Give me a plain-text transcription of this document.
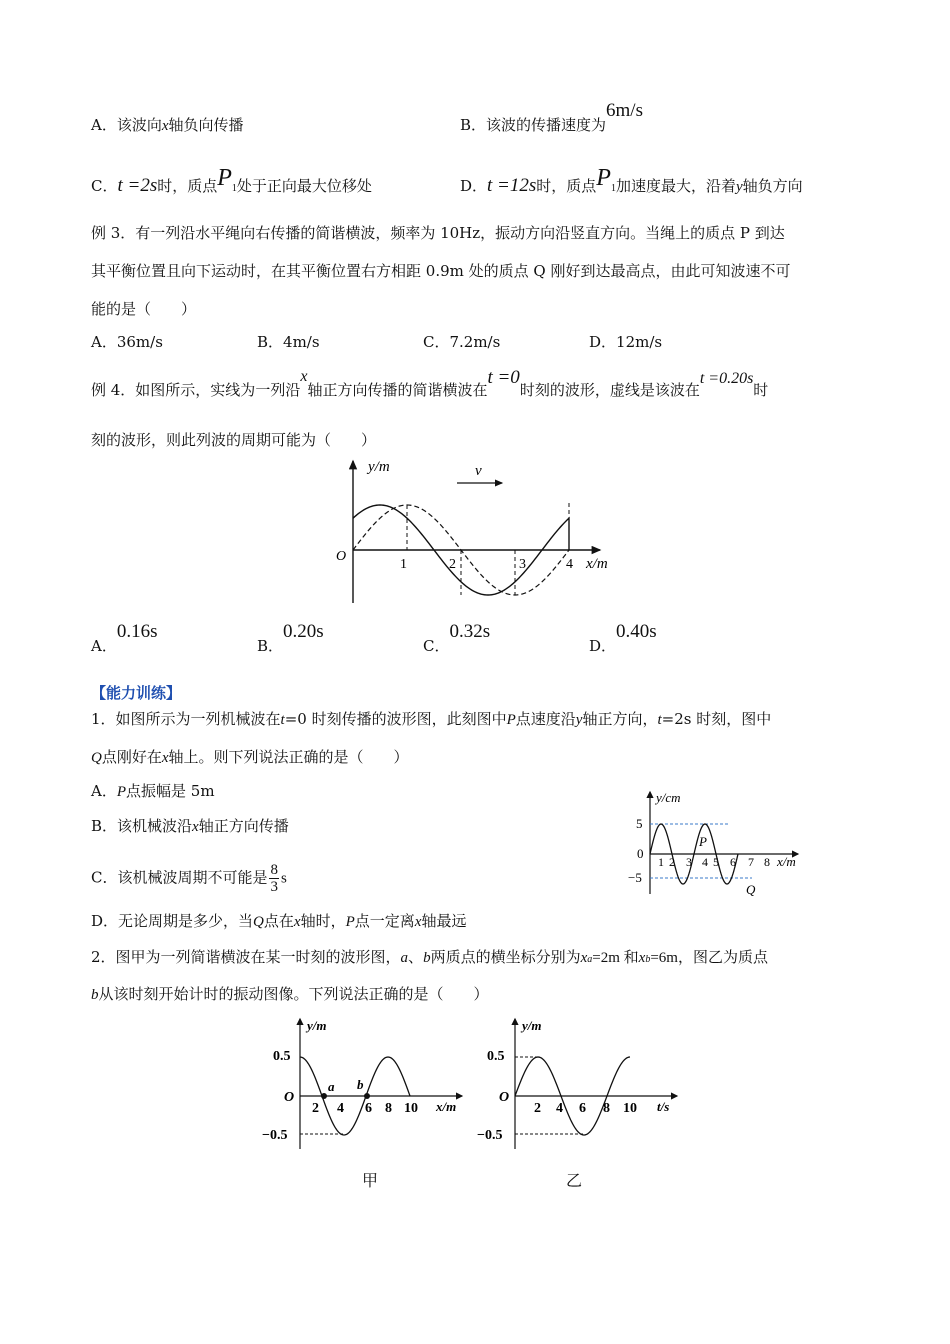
A．该波向x轴负向传播	B．该波的传播速度为6m/s
C．t =2s时，质点P1处于正向最大位移处	D．t =12s时，质点P1加速度最大，沿着y轴负方向
例 3．有一列沿水平绳向右传播的简谐横波，频率为 10Hz，振动方向沿竖直方向。当绳上的质点 P 到达
其平衡位置且向下运动时，在其平衡位置右方相距 0.9m 处的质点 Q 刚好到达最高点，由此可知波速不可
能的是（　　）
A．36m/s	B．4m/s	C．7.2m/s	D．12m/s
例 4．如图所示，实线为一列沿x轴正方向传播的简谐横波在t =0时刻的波形，虚线是该波在t =0.20s时
刻的波形，则此列波的周期可能为（　　）
y/m
x/m
O
v
1	2	3	4
A．0.16s
B．0.20s
C．0.32s
D．0.40s
【能力训练】
1．如图所示为一列机械波在t=0 时刻传播的波形图，此刻图中P点速度沿y轴正方向，t=2s 时刻，图中
Q点刚好在x轴上。则下列说法正确的是（　　）
A．P点振幅是 5m
B．该机械波沿x轴正方向传播
C．该机械波周期不可能是 $\frac{8}{3}$ s
D．无论周期是多少，当Q点在x轴时，P点一定离x轴最远
y/cm
x/m
5
−5
0
1 2 3 4 5 6 7 8
P
Q
2．图甲为一列简谐横波在某一时刻的波形图，a、b两质点的横坐标分别为xa=2m 和xb=6m，图乙为质点
b从该时刻开始计时的振动图像。下列说法正确的是（　　）
y/m
x/m
0.5
−0.5
O
a b
2 4 6 8 10
甲
y/m
t/s
0.5
−0.5
O
2 4 6 8 10
乙
